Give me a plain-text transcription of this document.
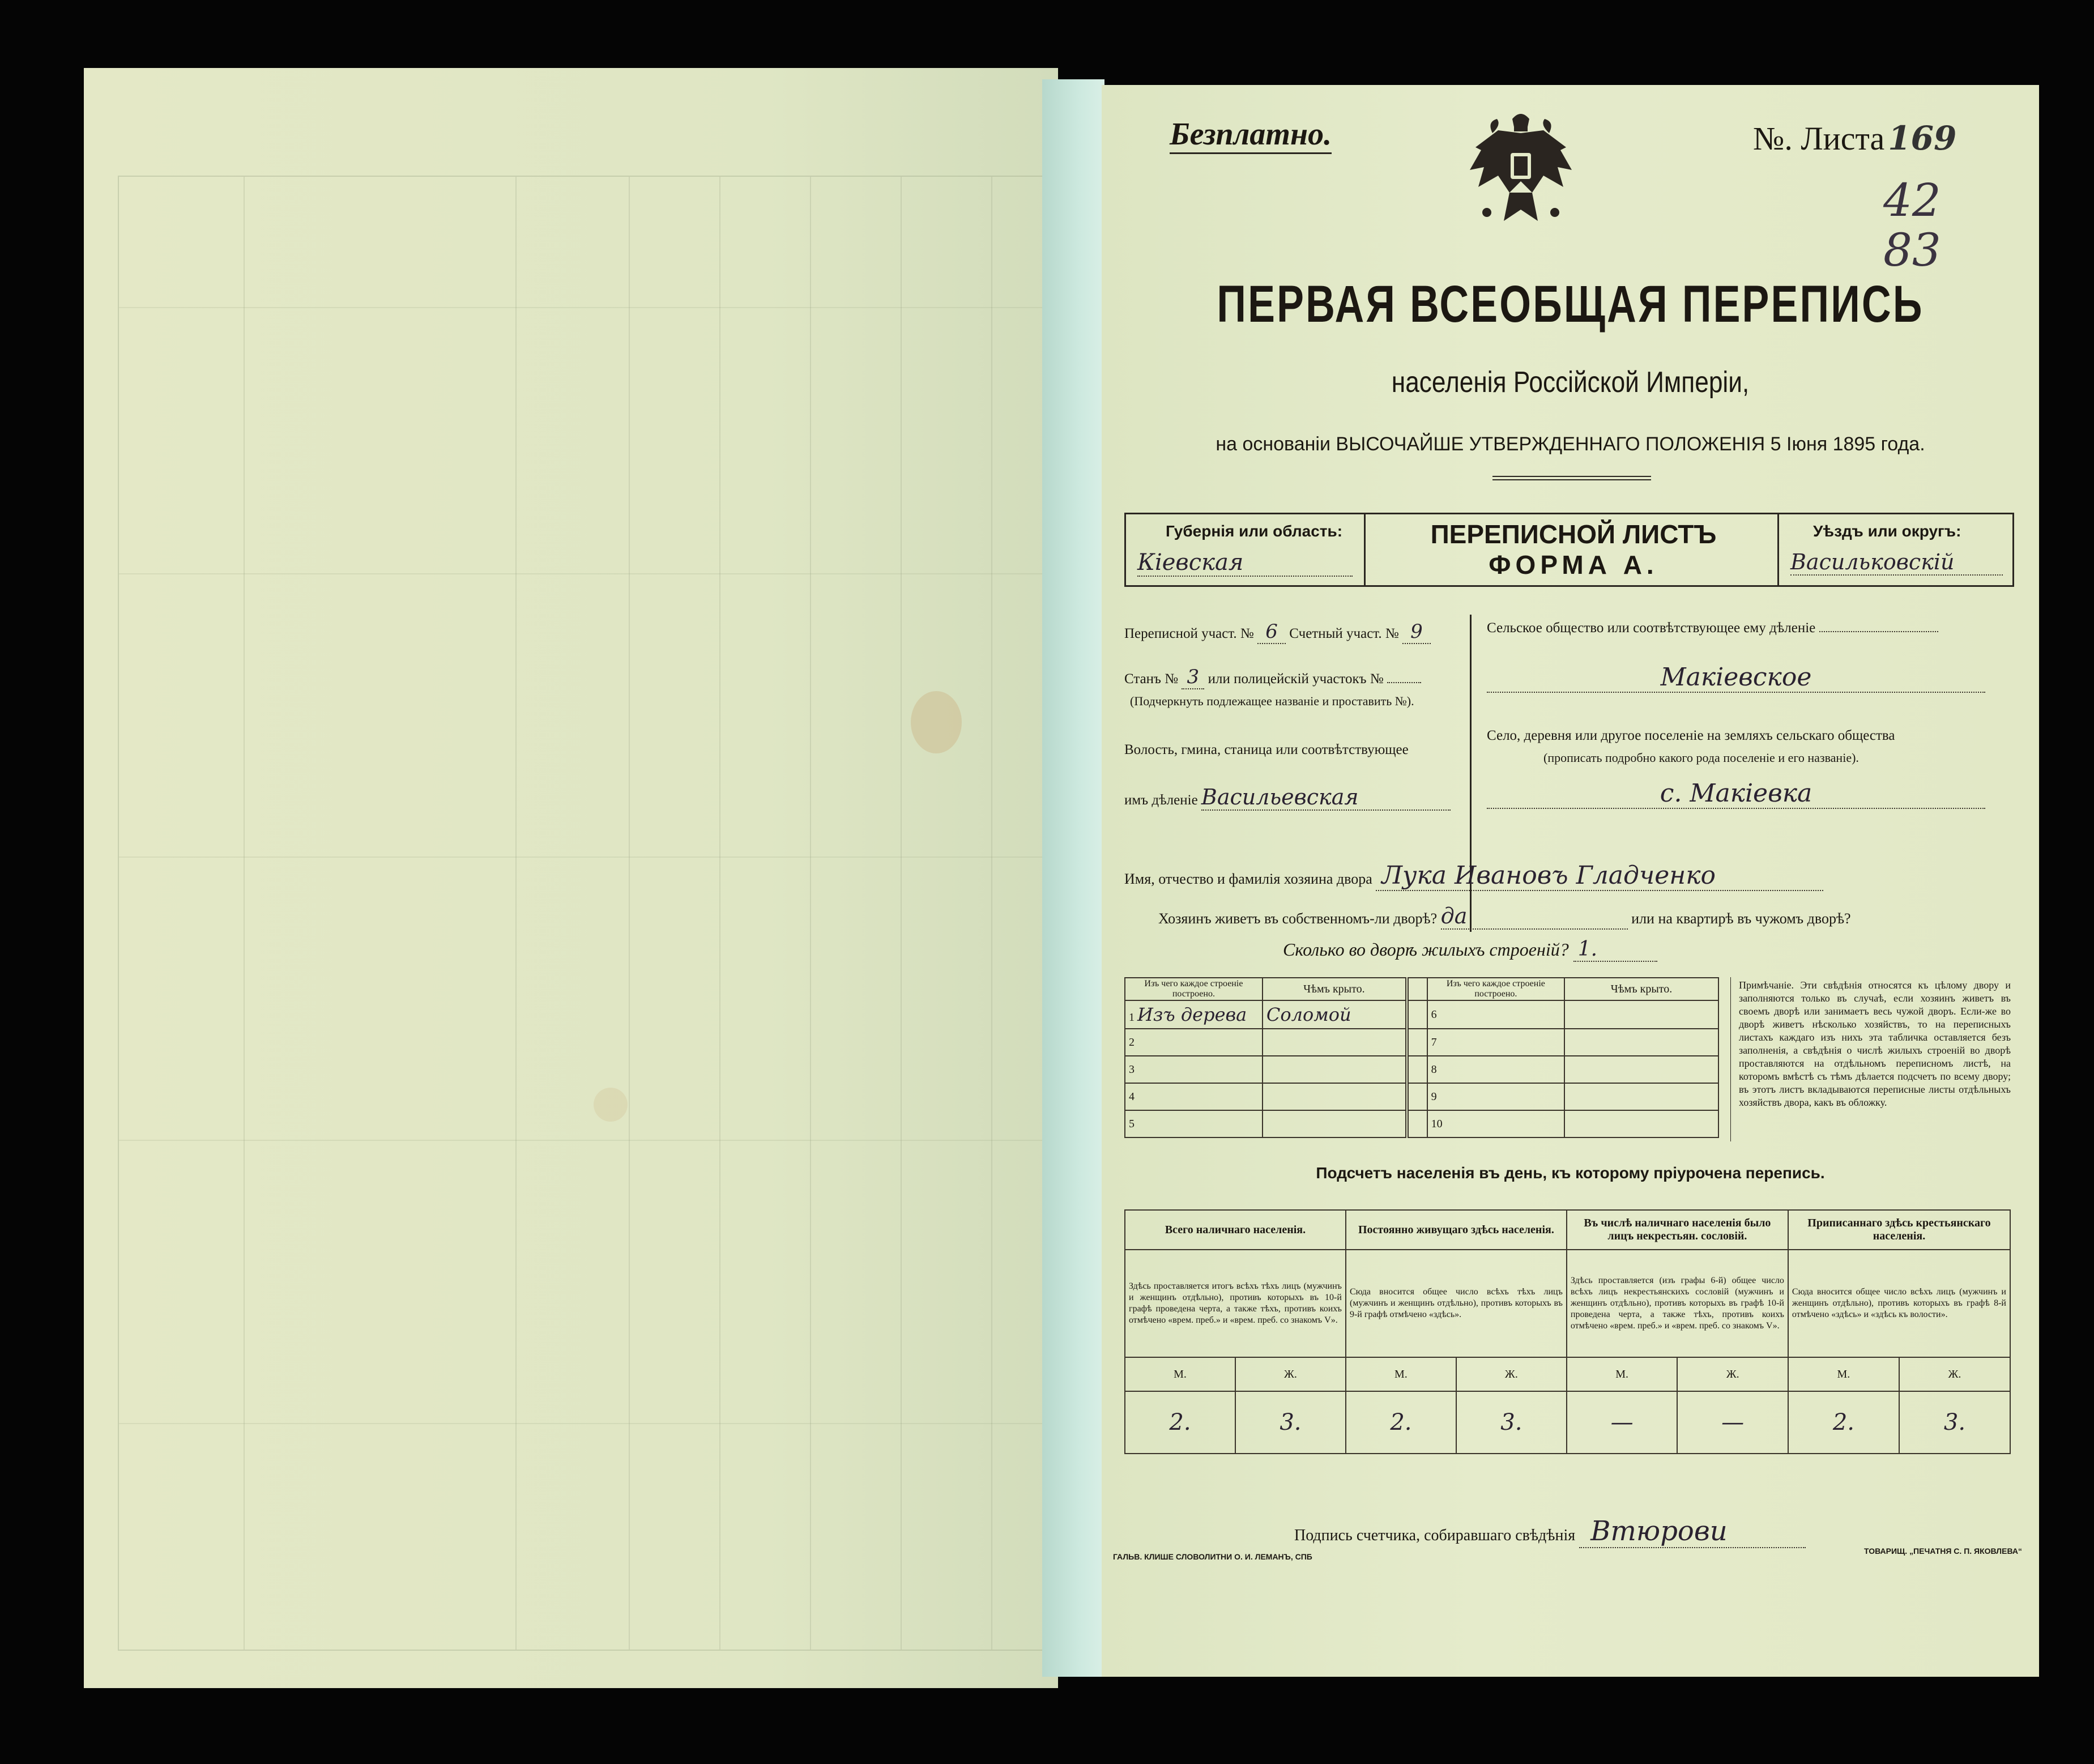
Безплатно.	№. Листа 169
42
83
ПЕРВАЯ ВСЕОБЩАЯ ПЕРЕПИСЬ
населенія Россійской Имперіи,
на основаніи ВЫСОЧАЙШЕ УТВЕРЖДЕННАГО ПОЛОЖЕНІЯ 5 Іюня 1895 года.
Губернія или область:
Кіевская
ПЕРЕПИСНОЙ ЛИСТЪ
ФОРМА А.
Уѣздъ или округъ:
Васильковскій
Переписной участ. № 6 Счетный участ. № 9
Станъ № 3 или полицейскій участокъ №
(Подчеркнуть подлежащее названіе и проставить №).
Волость, гмина, станица или соотвѣтствующее
имъ дѣленіе Васильевская
Сельское общество или соотвѣтствующее ему дѣленіе
Макіевское
Село, деревня или другое поселеніе на земляхъ сельскаго общества
(прописать подробно какого рода поселеніе и его названіе).
с. Макіевка
Имя, отчество и фамилія хозяина двора Лука Ивановъ Гладченко
Хозяинъ живетъ въ собственномъ-ли дворѣ? да	или на квартирѣ въ чужомъ дворѣ?
Сколько во дворѣ жилыхъ строеній? 1.
Изъ чего каждое строеніе построено.	Чѣмъ крыто.		Изъ чего каждое строеніе построено.	Чѣмъ крыто.
1 Изъ дерева	Соломой		6	
2			7	
3			8	
4			9	
5			10	
Примѣчаніе. Эти свѣдѣнія относятся къ цѣлому двору и заполняются только въ случаѣ, если хозяинъ живетъ въ своемъ дворѣ или занимаетъ весь чужой дворъ. Если-же во дворѣ живетъ нѣсколько хозяйствъ, то на переписныхъ листахъ каждаго изъ нихъ эта табличка оставляется безъ заполненія, а свѣдѣнія о числѣ жилыхъ строеній во дворѣ проставляются на отдѣльномъ переписномъ листѣ, на которомъ вмѣстѣ съ тѣмъ дѣлается подсчетъ по всему двору; въ этотъ листъ вкладываются переписные листы отдѣльныхъ хозяйствъ двора, какъ въ обложку.
Подсчетъ населенія въ день, къ которому пріурочена перепись.
Всего наличнаго населенія.		Постоянно живущаго здѣсь населенія.		Въ числѣ наличнаго населенія было лицъ некрестьян. сословій.		Приписаннаго здѣсь крестьянскаго населенія.	
Здѣсь проставляется итогъ всѣхъ тѣхъ лицъ (мужчинъ и женщинъ отдѣльно), противъ которыхъ въ 10-й графѣ проведена черта, а также тѣхъ, противъ коихъ отмѣчено «врем. преб.» и «врем. преб. со знакомъ V».		Сюда вносится общее число всѣхъ тѣхъ лицъ (мужчинъ и женщинъ отдѣльно), противъ которыхъ въ 9-й графѣ отмѣчено «здѣсь».		Здѣсь проставляется (изъ графы 6-й) общее число всѣхъ лицъ некрестьянскихъ сословій (мужчинъ и женщинъ отдѣльно), противъ которыхъ въ графѣ 10-й проведена черта, а также тѣхъ, противъ коихъ отмѣчено «врем. преб.» и «врем. преб. со знакомъ V».		Сюда вносится общее число всѣхъ лицъ (мужчинъ и женщинъ отдѣльно), противъ которыхъ въ графѣ 8-й отмѣчено «здѣсь» и «здѣсь къ волости».	
М.	Ж.	М.	Ж.	М.	Ж.	М.	Ж.
2.	3.	2.	3.	—	—	2.	3.
Подпись счетчика, собиравшаго свѣдѣнія Втюрови
ГАЛЬВ. КЛИШЕ СЛОВОЛИТНИ О. И. ЛЕМАНЪ, СПБ
ТОВАРИЩ. „ПЕЧАТНЯ С. П. ЯКОВЛЕВА“
